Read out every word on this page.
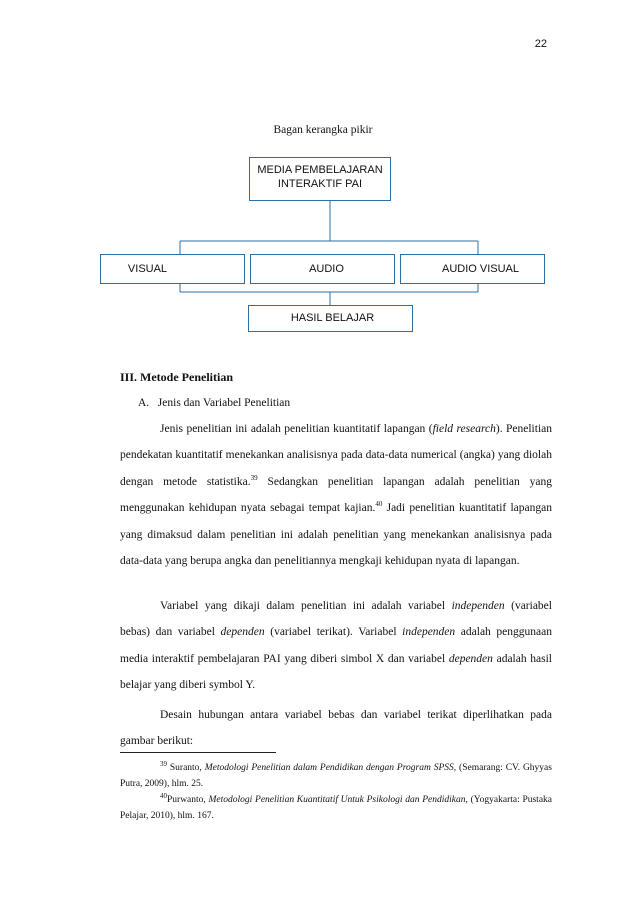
22
Bagan kerangka pikir
MEDIA PEMBELAJARAN
INTERAKTIF PAI
VISUAL	AUDIO	AUDIO VISUAL
HASIL BELAJAR
III. Metode Penelitian
A.   Jenis dan Variabel Penelitian
Jenis penelitian ini adalah penelitian kuantitatif lapangan (field research). Penelitian pendekatan kuantitatif menekankan analisisnya pada data-data numerical (angka) yang diolah dengan metode statistika.$^{39}$ Sedangkan penelitian lapangan adalah penelitian yang menggunakan kehidupan nyata sebagai tempat kajian.$^{40}$ Jadi penelitian kuantitatif lapangan yang dimaksud dalam penelitian ini adalah penelitian yang menekankan analisisnya pada data-data yang berupa angka dan penelitiannya mengkaji kehidupan nyata di lapangan.
Variabel yang dikaji dalam penelitian ini adalah variabel independen (variabel bebas) dan variabel dependen (variabel terikat). Variabel independen adalah penggunaan media interaktif pembelajaran PAI yang diberi simbol X dan variabel dependen adalah hasil belajar yang diberi symbol Y.
Desain hubungan antara variabel bebas dan variabel terikat diperlihatkan pada gambar berikut:
$^{39}$ Suranto, Metodologi Penelitian dalam Pendidikan dengan Program SPSS, (Semarang: CV. Ghyyas Putra, 2009), hlm. 25.
$^{40}$Purwanto, Metodologi Penelitian Kuantitatif Untuk Psikologi dan Pendidikan, (Yogyakarta: Pustaka Pelajar, 2010), hlm. 167.
